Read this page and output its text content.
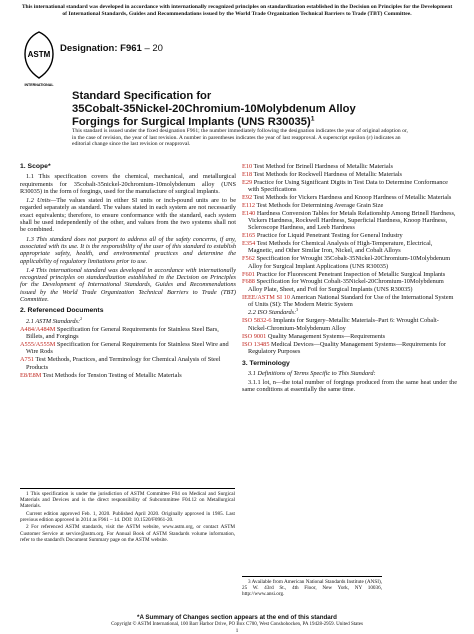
This international standard was developed in accordance with internationally recognized principles on standardization established in the Decision on Principles for the Development of International Standards, Guides and Recommendations issued by the World Trade Organization Technical Barriers to Trade (TBT) Committee.
ASTM
INTERNATIONAL
Designation: F961 – 20
Standard Specification for
35Cobalt-35Nickel-20Chromium-10Molybdenum Alloy
Forgings for Surgical Implants (UNS R30035)$^1$
This standard is issued under the fixed designation F961; the number immediately following the designation indicates the year of original adoption or, in the case of revision, the year of last revision. A number in parentheses indicates the year of last reapproval. A superscript epsilon (ε) indicates an editorial change since the last revision or reapproval.
1. Scope*

1.1 This specification covers the chemical, mechanical, and metallurgical requirements for 35cobalt-35nickel-20chromium-10molybdenum alloy (UNS R30035) in the form of forgings, used for the manufacture of surgical implants.

1.2 Units—The values stated in either SI units or inch-pound units are to be regarded separately as standard. The values stated in each system are not necessarily exact equivalents; therefore, to ensure conformance with the standard, each system shall be used independently of the other, and values from the two systems shall not be combined.

1.3 This standard does not purport to address all of the safety concerns, if any, associated with its use. It is the responsibility of the user of this standard to establish appropriate safety, health, and environmental practices and determine the applicability of regulatory limitations prior to use.

1.4 This international standard was developed in accordance with internationally recognized principles on standardization established in the Decision on Principles for the Development of International Standards, Guides and Recommendations issued by the World Trade Organization Technical Barriers to Trade (TBT) Committee.

2. Referenced Documents
2.1 ASTM Standards:$^2$
A484/A484M Specification for General Requirements for Stainless Steel Bars, Billets, and Forgings
A555/A555M Specification for General Requirements for Stainless Steel Wire and Wire Rods
A751 Test Methods, Practices, and Terminology for Chemical Analysis of Steel Products
E8/E8M Test Methods for Tension Testing of Metallic Materials
E10 Test Method for Brinell Hardness of Metallic Materials
E18 Test Methods for Rockwell Hardness of Metallic Materials
E29 Practice for Using Significant Digits in Test Data to Determine Conformance with Specifications
E92 Test Methods for Vickers Hardness and Knoop Hardness of Metallic Materials
E112 Test Methods for Determining Average Grain Size
E140 Hardness Conversion Tables for Metals Relationship Among Brinell Hardness, Vickers Hardness, Rockwell Hardness, Superficial Hardness, Knoop Hardness, Scleroscope Hardness, and Leeb Hardness
E165 Practice for Liquid Penetrant Testing for General Industry
E354 Test Methods for Chemical Analysis of High-Temperature, Electrical, Magnetic, and Other Similar Iron, Nickel, and Cobalt Alloys
F562 Specification for Wrought 35Cobalt-35Nickel-20Chromium-10Molybdenum Alloy for Surgical Implant Applications (UNS R30035)
F601 Practice for Fluorescent Penetrant Inspection of Metallic Surgical Implants
F688 Specification for Wrought Cobalt-35Nickel-20Chromium-10Molybdenum Alloy Plate, Sheet, and Foil for Surgical Implants (UNS R30035)
IEEE/ASTM SI 10 American National Standard for Use of the International System of Units (SI): The Modern Metric System
2.2 ISO Standards:$^3$
ISO 5832-6 Implants for Surgery–Metallic Materials–Part 6: Wrought Cobalt-Nickel-Chromium-Molybdenum Alloy
ISO 9001 Quality Management Systems—Requirements
ISO 13485 Medical Devices—Quality Management Systems—Requirements for Regulatory Purposes
3. Terminology
3.1 Definitions of Terms Specific to This Standard:

3.1.1 lot, n—the total number of forgings produced from the same heat under the same conditions at essentially the same time.

1 This specification is under the jurisdiction of ASTM Committee F04 on Medical and Surgical Materials and Devices and is the direct responsibility of Subcommittee F04.12 on Metallurgical Materials.

Current edition approved Feb. 1, 2020. Published April 2020. Originally approved in 1985. Last previous edition approved in 2014 as F961 – 14. DOI: 10.1520/F0961-20.

2 For referenced ASTM standards, visit the ASTM website, www.astm.org, or contact ASTM Customer Service at service@astm.org. For Annual Book of ASTM Standards volume information, refer to the standard's Document Summary page on the ASTM website.

3 Available from American National Standards Institute (ANSI), 25 W. 43rd St., 4th Floor, New York, NY 10036, http://www.ansi.org.

*A Summary of Changes section appears at the end of this standard
Copyright © ASTM International, 100 Barr Harbor Drive, PO Box C700, West Conshohocken, PA 19428-2959. United States
1
